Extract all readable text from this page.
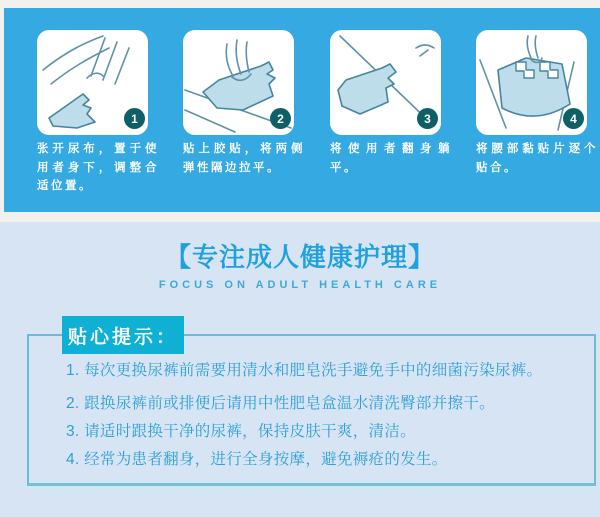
1	2	3	4
张开尿布，置于使用者身下，调整合适位置。
贴上胶贴，将两侧弹性隔边拉平。
将使用者翻身躺平。
将腰部黏贴片逐个贴合。
【专注成人健康护理】
FOCUS ON ADULT HEALTH CARE
贴心提示：
1. 每次更换尿裤前需要用清水和肥皂洗手避免手中的细菌污染尿裤。
2. 跟换尿裤前或排便后请用中性肥皂盒温水清洗臀部并擦干。
3. 请适时跟换干净的尿裤，保持皮肤干爽，清洁。
4. 经常为患者翻身，进行全身按摩，避免褥疮的发生。
